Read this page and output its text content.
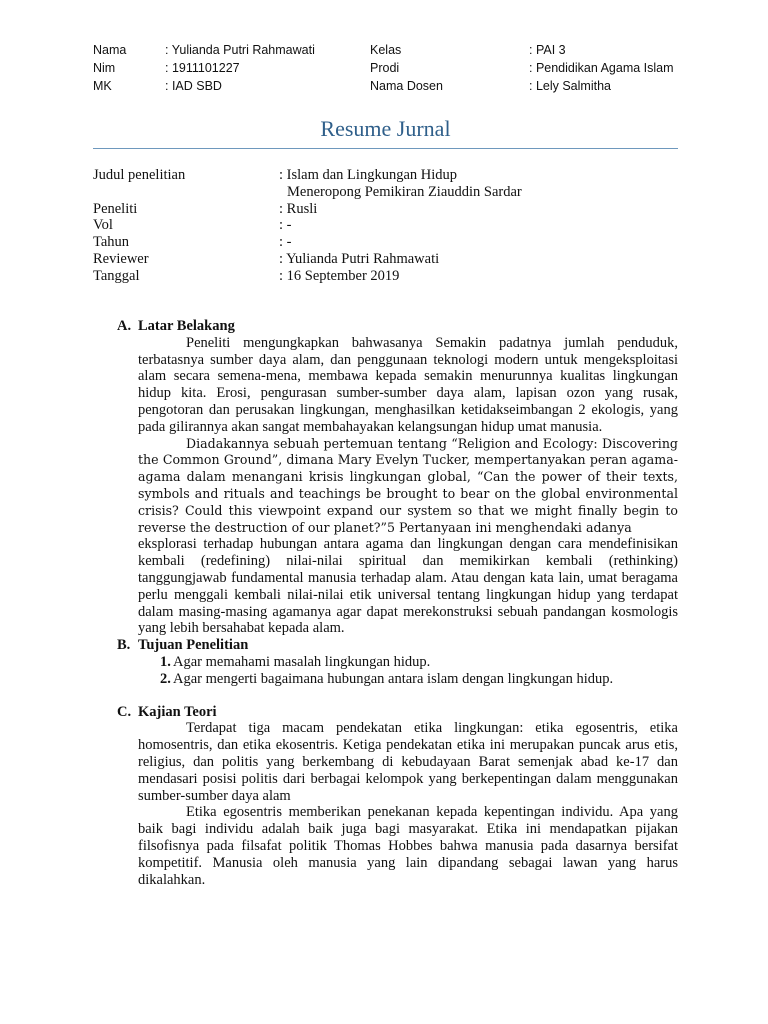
Nama	: Yulianda Putri Rahmawati	Kelas	: PAI 3
Nim	: 1911101227	Prodi	: Pendidikan Agama Islam
MK	: IAD SBD	Nama Dosen	: Lely Salmitha
Resume Jurnal
Judul penelitian	: Islam dan Lingkungan Hidup
Meneropong Pemikiran Ziauddin Sardar
Peneliti	: Rusli
Vol	: -
Tahun	: -
Reviewer	: Yulianda Putri Rahmawati
Tanggal	: 16 September 2019
A. Latar Belakang

Peneliti mengungkapkan bahwasanya Semakin padatnya jumlah penduduk, terbatasnya sumber daya alam, dan penggunaan teknologi modern untuk mengeksploitasi alam secara semena-mena, membawa kepada semakin menurunnya kualitas lingkungan hidup kita. Erosi, pengurasan sumber-sumber daya alam, lapisan ozon yang rusak, pengotoran dan perusakan lingkungan, menghasilkan ketidakseimbangan 2 ekologis, yang pada gilirannya akan sangat membahayakan kelangsungan hidup umat manusia.

Diadakannya sebuah pertemuan tentang “Religion and Ecology: Discovering the Common Ground”, dimana Mary Evelyn Tucker, mempertanyakan peran agama-agama dalam menangani krisis lingkungan global, “Can the power of their texts, symbols and rituals and teachings be brought to bear on the global environmental crisis? Could this viewpoint expand our system so that we might finally begin to reverse the destruction of our planet?”5 Pertanyaan ini menghendaki adanya

eksplorasi terhadap hubungan antara agama dan lingkungan dengan cara mendefinisikan kembali (redefining) nilai-nilai spiritual dan memikirkan kembali (rethinking) tanggungjawab fundamental manusia terhadap alam. Atau dengan kata lain, umat beragama perlu menggali kembali nilai-nilai etik universal tentang lingkungan hidup yang terdapat dalam masing-masing agamanya agar dapat merekonstruksi sebuah pandangan kosmologis yang lebih bersahabat kepada alam.

B. Tujuan Penelitian
1. Agar memahami masalah lingkungan hidup.
2. Agar mengerti bagaimana hubungan antara islam dengan lingkungan hidup.
C. Kajian Teori

Terdapat tiga macam pendekatan etika lingkungan: etika egosentris, etika homosentris, dan etika ekosentris. Ketiga pendekatan etika ini merupakan puncak arus etis, religius, dan politis yang berkembang di kebudayaan Barat semenjak abad ke-17 dan mendasari posisi politis dari berbagai kelompok yang berkepentingan dalam menggunakan sumber-sumber daya alam

Etika egosentris memberikan penekanan kepada kepentingan individu. Apa yang baik bagi individu adalah baik juga bagi masyarakat. Etika ini mendapatkan pijakan filsofisnya pada filsafat politik Thomas Hobbes bahwa manusia pada dasarnya bersifat kompetitif. Manusia oleh manusia yang lain dipandang sebagai lawan yang harus dikalahkan.
